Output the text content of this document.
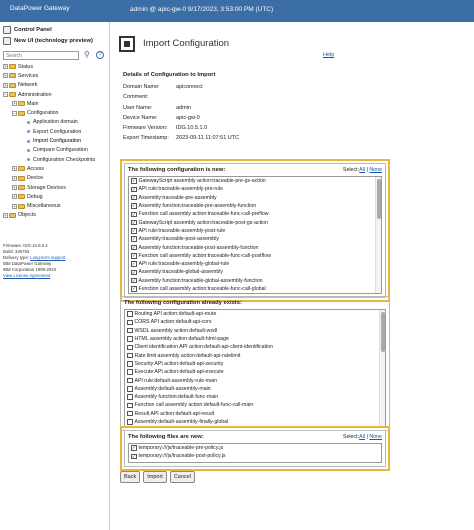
DataPower Gateway	admin @ apic-gw-0 9/17/2023, 3:53:00 PM (UTC)
Control Panel
New UI (technology preview)
Search
⚲	?
+ Status
+ Services
+ Network
− Administration
+ Main
− Configuration
Application domain
Export Configuration
Import Configuration
Compare Configuration
Configuration Checkpoints
+ Access
+ Device
+ Storage Devices
+ Debug
+ Miscellaneous
+ Objects
Firmware: IDG.10.5.0.4
Build: 346793
Delivery type: Long-term support
IBM DataPower Gateway
IBM Corporation 1999-2023
View License Agreement
Import Configuration
Help
Details of Configuration to Import
Domain Name:	apiconnect
Comment:
User Name:	admin
Device Name:	apic-gw-0
Firmware Version:	IDG.10.5.1.0
Export Timestamp:	2023-09-11 11:07:51 UTC
The following configuration is new:	Select:All | None
✓ GatewayScript assembly action:traceable-pre-gs-action
✓ API rule:traceable-assembly-pre-rule
✓ Assembly:traceable-pre-assembly
✓ Assembly function:traceable-pre-assembly-function
✓ Function call assembly action:traceable-func-call-preflow
✓ GatewayScript assembly action:traceable-post-gs-action
✓ API rule:traceable-assembly-post-rule
✓ Assembly:traceable-post-assembly
✓ Assembly function:traceable-post-assembly-function
✓ Function call assembly action:traceable-func-call-postflow
✓ API rule:traceable-assembly-global-rule
✓ Assembly:traceable-global-assembly
✓ Assembly function:traceable-global-assembly-function
✓ Function call assembly action:traceable-func-call-global
The following configuration already exists:
Routing API action:default-api-route
CORS API action:default-api-cors
WSDL assembly action:default-wsdl
HTML assembly action:default-html-page
Client identification API action:default-api-client-identification
Rate limit assembly action:default-api-ratelimit
Security API action:default-api-security
Execute API action:default-api-execute
API rule:default-assembly-rule-main
Assembly:default-assembly-main
Assembly function:default-func-main
Function call assembly action:default-func-call-main
Result API action:default-api-result
Assembly:default-assembly-finally-global
The following files are new:	Select:All | None
✓ temporary:///js/traceable-pre-policy.js
✓ temporary:///js/traceable-post-policy.js
Back	Import	Cancel
